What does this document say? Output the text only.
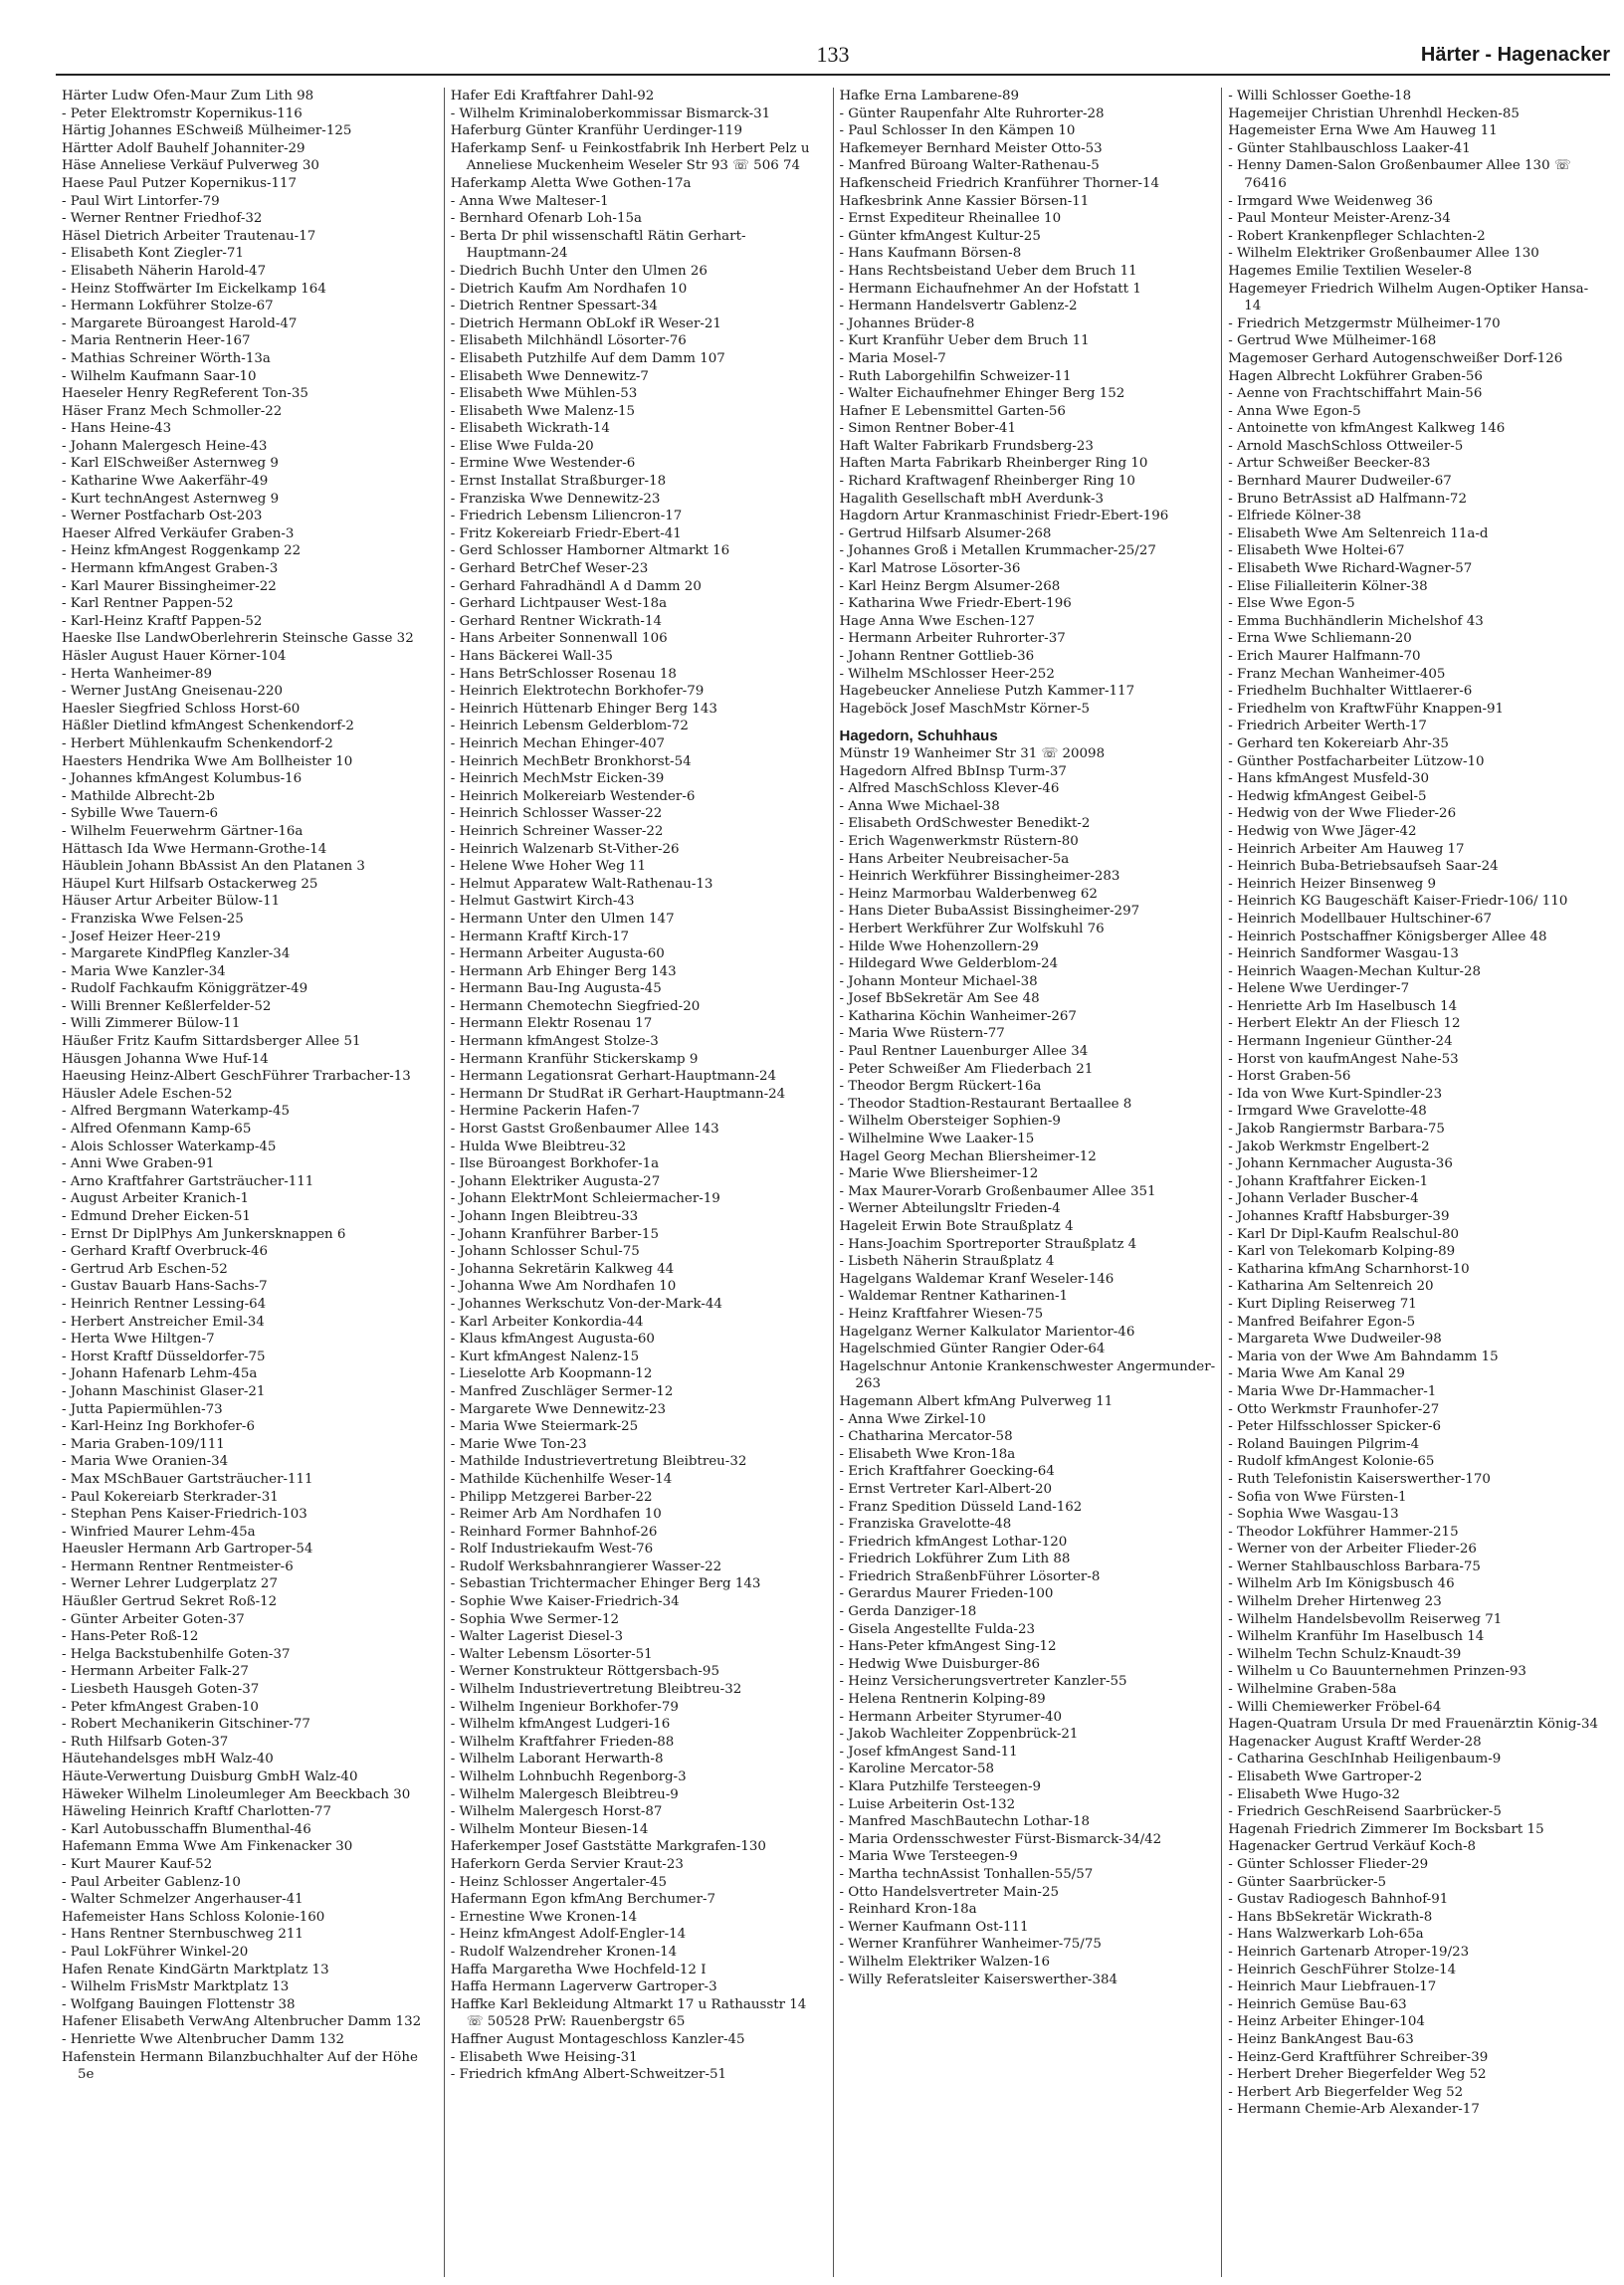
133	Härter - Hagenacker
Härter Ludw Ofen-Maur Zum Lith 98
- Peter Elektromstr Kopernikus-116
Härtig Johannes ESchweiß Mülheimer-125
Härtter Adolf Bauhelf Johanniter-29
Häse Anneliese Verkäuf Pulverweg 30
Haese Paul Putzer Kopernikus-117
- Paul Wirt Lintorfer-79
- Werner Rentner Friedhof-32
Häsel Dietrich Arbeiter Trautenau-17
- Elisabeth Kont Ziegler-71
- Elisabeth Näherin Harold-47
- Heinz Stoffwärter Im Eickelkamp 164
- Hermann Lokführer Stolze-67
- Margarete Büroangest Harold-47
- Maria Rentnerin Heer-167
- Mathias Schreiner Wörth-13a
- Wilhelm Kaufmann Saar-10
Haeseler Henry RegReferent Ton-35
Häser Franz Mech Schmoller-22
- Hans Heine-43
- Johann Malergesch Heine-43
- Karl ElSchweißer Asternweg 9
- Katharine Wwe Aakerfähr-49
- Kurt technAngest Asternweg 9
- Werner Postfacharb Ost-203
Haeser Alfred Verkäufer Graben-3
- Heinz kfmAngest Roggenkamp 22
- Hermann kfmAngest Graben-3
- Karl Maurer Bissingheimer-22
- Karl Rentner Pappen-52
- Karl-Heinz Kraftf Pappen-52
Haeske Ilse LandwOberlehrerin Steinsche Gasse 32
Häsler August Hauer Körner-104
- Herta Wanheimer-89
- Werner JustAng Gneisenau-220
Haesler Siegfried Schloss Horst-60
Häßler Dietlind kfmAngest Schenkendorf-2
- Herbert Mühlenkaufm Schenkendorf-2
Haesters Hendrika Wwe Am Bollheister 10
- Johannes kfmAngest Kolumbus-16
- Mathilde Albrecht-2b
- Sybille Wwe Tauern-6
- Wilhelm Feuerwehrm Gärtner-16a
Hättasch Ida Wwe Hermann-Grothe-14
Häublein Johann BbAssist An den Platanen 3
Häupel Kurt Hilfsarb Ostackerweg 25
Häuser Artur Arbeiter Bülow-11
- Franziska Wwe Felsen-25
- Josef Heizer Heer-219
- Margarete KindPfleg Kanzler-34
- Maria Wwe Kanzler-34
- Rudolf Fachkaufm Königgrätzer-49
- Willi Brenner Keßlerfelder-52
- Willi Zimmerer Bülow-11
Häußer Fritz Kaufm Sittardsberger Allee 51
Häusgen Johanna Wwe Huf-14
Haeusing Heinz-Albert GeschFührer Trarbacher-13
Häusler Adele Eschen-52
- Alfred Bergmann Waterkamp-45
- Alfred Ofenmann Kamp-65
- Alois Schlosser Waterkamp-45
- Anni Wwe Graben-91
- Arno Kraftfahrer Gartsträucher-111
- August Arbeiter Kranich-1
- Edmund Dreher Eicken-51
- Ernst Dr DiplPhys Am Junkersknappen 6
- Gerhard Kraftf Overbruck-46
- Gertrud Arb Eschen-52
- Gustav Bauarb Hans-Sachs-7
- Heinrich Rentner Lessing-64
- Herbert Anstreicher Emil-34
- Herta Wwe Hiltgen-7
- Horst Kraftf Düsseldorfer-75
- Johann Hafenarb Lehm-45a
- Johann Maschinist Glaser-21
- Jutta Papiermühlen-73
- Karl-Heinz Ing Borkhofer-6
- Maria Graben-109/111
- Maria Wwe Oranien-34
- Max MSchBauer Gartsträucher-111
- Paul Kokereiarb Sterkrader-31
- Stephan Pens Kaiser-Friedrich-103
- Winfried Maurer Lehm-45a
Haeusler Hermann Arb Gartroper-54
- Hermann Rentner Rentmeister-6
- Werner Lehrer Ludgerplatz 27
Häußler Gertrud Sekret Roß-12
- Günter Arbeiter Goten-37
- Hans-Peter Roß-12
- Helga Backstubenhilfe Goten-37
- Hermann Arbeiter Falk-27
- Liesbeth Hausgeh Goten-37
- Peter kfmAngest Graben-10
- Robert Mechanikerin Gitschiner-77
- Ruth Hilfsarb Goten-37
Häutehandelsges mbH Walz-40
Häute-Verwertung Duisburg GmbH Walz-40
Häweker Wilhelm Linoleumleger Am Beeckbach 30
Häweling Heinrich Kraftf Charlotten-77
- Karl Autobusschaffn Blumenthal-46
Hafemann Emma Wwe Am Finkenacker 30
- Kurt Maurer Kauf-52
- Paul Arbeiter Gablenz-10
- Walter Schmelzer Angerhauser-41
Hafemeister Hans Schloss Kolonie-160
- Hans Rentner Sternbuschweg 211
- Paul LokFührer Winkel-20
Hafen Renate KindGärtn Marktplatz 13
- Wilhelm FrisMstr Marktplatz 13
- Wolfgang Bauingen Flottenstr 38
Hafener Elisabeth VerwAng Altenbrucher Damm 132
- Henriette Wwe Altenbrucher Damm 132
Hafenstein Hermann Bilanzbuchhalter Auf der Höhe 5e
Hafer Edi Kraftfahrer Dahl-92
- Wilhelm Kriminaloberkommissar Bismarck-31
Haferburg Günter Kranführ Uerdinger-119
Haferkamp Senf- u Feinkostfabrik Inh Herbert Pelz u Anneliese Muckenheim Weseler Str 93 ☏ 506 74
Haferkamp Aletta Wwe Gothen-17a
- Anna Wwe Malteser-1
- Bernhard Ofenarb Loh-15a
- Berta Dr phil wissenschaftl Rätin Gerhart-Hauptmann-24
- Diedrich Buchh Unter den Ulmen 26
- Dietrich Kaufm Am Nordhafen 10
- Dietrich Rentner Spessart-34
- Dietrich Hermann ObLokf iR Weser-21
- Elisabeth Milchhändl Lösorter-76
- Elisabeth Putzhilfe Auf dem Damm 107
- Elisabeth Wwe Dennewitz-7
- Elisabeth Wwe Mühlen-53
- Elisabeth Wwe Malenz-15
- Elisabeth Wickrath-14
- Elise Wwe Fulda-20
- Ermine Wwe Westender-6
- Ernst Installat Straßburger-18
- Franziska Wwe Dennewitz-23
- Friedrich Lebensm Liliencron-17
- Fritz Kokereiarb Friedr-Ebert-41
- Gerd Schlosser Hamborner Altmarkt 16
- Gerhard BetrChef Weser-23
- Gerhard Fahradhändl A d Damm 20
- Gerhard Lichtpauser West-18a
- Gerhard Rentner Wickrath-14
- Hans Arbeiter Sonnenwall 106
- Hans Bäckerei Wall-35
- Hans BetrSchlosser Rosenau 18
- Heinrich Elektrotechn Borkhofer-79
- Heinrich Hüttenarb Ehinger Berg 143
- Heinrich Lebensm Gelderblom-72
- Heinrich Mechan Ehinger-407
- Heinrich MechBetr Bronkhorst-54
- Heinrich MechMstr Eicken-39
- Heinrich Molkereiarb Westender-6
- Heinrich Schlosser Wasser-22
- Heinrich Schreiner Wasser-22
- Heinrich Walzenarb St-Vither-26
- Helene Wwe Hoher Weg 11
- Helmut Apparatew Walt-Rathenau-13
- Helmut Gastwirt Kirch-43
- Hermann Unter den Ulmen 147
- Hermann Kraftf Kirch-17
- Hermann Arbeiter Augusta-60
- Hermann Arb Ehinger Berg 143
- Hermann Bau-Ing Augusta-45
- Hermann Chemotechn Siegfried-20
- Hermann Elektr Rosenau 17
- Hermann kfmAngest Stolze-3
- Hermann Kranführ Stickerskamp 9
- Hermann Legationsrat Gerhart-Hauptmann-24
- Hermann Dr StudRat iR Gerhart-Hauptmann-24
- Hermine Packerin Hafen-7
- Horst Gastst Großenbaumer Allee 143
- Hulda Wwe Bleibtreu-32
- Ilse Büroangest Borkhofer-1a
- Johann Elektriker Augusta-27
- Johann ElektrMont Schleiermacher-19
- Johann Ingen Bleibtreu-33
- Johann Kranführer Barber-15
- Johann Schlosser Schul-75
- Johanna Sekretärin Kalkweg 44
- Johanna Wwe Am Nordhafen 10
- Johannes Werkschutz Von-der-Mark-44
- Karl Arbeiter Konkordia-44
- Klaus kfmAngest Augusta-60
- Kurt kfmAngest Nalenz-15
- Lieselotte Arb Koopmann-12
- Manfred Zuschläger Sermer-12
- Margarete Wwe Dennewitz-23
- Maria Wwe Steiermark-25
- Marie Wwe Ton-23
- Mathilde Industrievertretung Bleibtreu-32
- Mathilde Küchenhilfe Weser-14
- Philipp Metzgerei Barber-22
- Reimer Arb Am Nordhafen 10
- Reinhard Former Bahnhof-26
- Rolf Industriekaufm West-76
- Rudolf Werksbahnrangierer Wasser-22
- Sebastian Trichtermacher Ehinger Berg 143
- Sophie Wwe Kaiser-Friedrich-34
- Sophia Wwe Sermer-12
- Walter Lagerist Diesel-3
- Walter Lebensm Lösorter-51
- Werner Konstrukteur Röttgersbach-95
- Wilhelm Industrievertretung Bleibtreu-32
- Wilhelm Ingenieur Borkhofer-79
- Wilhelm kfmAngest Ludgeri-16
- Wilhelm Kraftfahrer Frieden-88
- Wilhelm Laborant Herwarth-8
- Wilhelm Lohnbuchh Regenborg-3
- Wilhelm Malergesch Bleibtreu-9
- Wilhelm Malergesch Horst-87
- Wilhelm Monteur Biesen-14
Haferkemper Josef Gaststätte Markgrafen-130
Haferkorn Gerda Servier Kraut-23
- Heinz Schlosser Angertaler-45
Hafermann Egon kfmAng Berchumer-7
- Ernestine Wwe Kronen-14
- Heinz kfmAngest Adolf-Engler-14
- Rudolf Walzendreher Kronen-14
Haffa Margaretha Wwe Hochfeld-12 I
Haffa Hermann Lagerverw Gartroper-3
Haffke Karl Bekleidung Altmarkt 17 u Rathausstr 14 ☏ 50528 PrW: Rauenbergstr 65
Haffner August Montageschloss Kanzler-45
- Elisabeth Wwe Heising-31
- Friedrich kfmAng Albert-Schweitzer-51
Hafke Erna Lambarene-89
- Günter Raupenfahr Alte Ruhrorter-28
- Paul Schlosser In den Kämpen 10
Hafkemeyer Bernhard Meister Otto-53
- Manfred Büroang Walter-Rathenau-5
Hafkenscheid Friedrich Kranführer Thorner-14
Hafkesbrink Anne Kassier Börsen-11
- Ernst Expediteur Rheinallee 10
- Günter kfmAngest Kultur-25
- Hans Kaufmann Börsen-8
- Hans Rechtsbeistand Ueber dem Bruch 11
- Hermann Eichaufnehmer An der Hofstatt 1
- Hermann Handelsvertr Gablenz-2
- Johannes Brüder-8
- Kurt Kranführ Ueber dem Bruch 11
- Maria Mosel-7
- Ruth Laborgehilfin Schweizer-11
- Walter Eichaufnehmer Ehinger Berg 152
Hafner E Lebensmittel Garten-56
- Simon Rentner Bober-41
Haft Walter Fabrikarb Frundsberg-23
Haften Marta Fabrikarb Rheinberger Ring 10
- Richard Kraftwagenf Rheinberger Ring 10
Hagalith Gesellschaft mbH Averdunk-3
Hagdorn Artur Kranmaschinist Friedr-Ebert-196
- Gertrud Hilfsarb Alsumer-268
- Johannes Groß i Metallen Krummacher-25/27
- Karl Matrose Lösorter-36
- Karl Heinz Bergm Alsumer-268
- Katharina Wwe Friedr-Ebert-196
Hage Anna Wwe Eschen-127
- Hermann Arbeiter Ruhrorter-37
- Johann Rentner Gottlieb-36
- Wilhelm MSchlosser Heer-252
Hagebeucker Anneliese Putzh Kammer-117
Hageböck Josef MaschMstr Körner-5
Hagedorn, Schuhhaus
Münstr 19 Wanheimer Str 31 ☏ 20098
Hagedorn Alfred BbInsp Turm-37
- Alfred MaschSchloss Klever-46
- Anna Wwe Michael-38
- Elisabeth OrdSchwester Benedikt-2
- Erich Wagenwerkmstr Rüstern-80
- Hans Arbeiter Neubreisacher-5a
- Heinrich Werkführer Bissingheimer-283
- Heinz Marmorbau Walderbenweg 62
- Hans Dieter BubaAssist Bissingheimer-297
- Herbert Werkführer Zur Wolfskuhl 76
- Hilde Wwe Hohenzollern-29
- Hildegard Wwe Gelderblom-24
- Johann Monteur Michael-38
- Josef BbSekretär Am See 48
- Katharina Köchin Wanheimer-267
- Maria Wwe Rüstern-77
- Paul Rentner Lauenburger Allee 34
- Peter Schweißer Am Fliederbach 21
- Theodor Bergm Rückert-16a
- Theodor Stadtion-Restaurant Bertaallee 8
- Wilhelm Obersteiger Sophien-9
- Wilhelmine Wwe Laaker-15
Hagel Georg Mechan Bliersheimer-12
- Marie Wwe Bliersheimer-12
- Max Maurer-Vorarb Großenbaumer Allee 351
- Werner Abteilungsltr Frieden-4
Hageleit Erwin Bote Straußplatz 4
- Hans-Joachim Sportreporter Straußplatz 4
- Lisbeth Näherin Straußplatz 4
Hagelgans Waldemar Kranf Weseler-146
- Waldemar Rentner Katharinen-1
- Heinz Kraftfahrer Wiesen-75
Hagelganz Werner Kalkulator Marientor-46
Hagelschmied Günter Rangier Oder-64
Hagelschnur Antonie Krankenschwester Angermunder-263
Hagemann Albert kfmAng Pulverweg 11
- Anna Wwe Zirkel-10
- Chatharina Mercator-58
- Elisabeth Wwe Kron-18a
- Erich Kraftfahrer Goecking-64
- Ernst Vertreter Karl-Albert-20
- Franz Spedition Düsseld Land-162
- Franziska Gravelotte-48
- Friedrich kfmAngest Lothar-120
- Friedrich Lokführer Zum Lith 88
- Friedrich StraßenbFührer Lösorter-8
- Gerardus Maurer Frieden-100
- Gerda Danziger-18
- Gisela Angestellte Fulda-23
- Hans-Peter kfmAngest Sing-12
- Hedwig Wwe Duisburger-86
- Heinz Versicherungsvertreter Kanzler-55
- Helena Rentnerin Kolping-89
- Hermann Arbeiter Styrumer-40
- Jakob Wachleiter Zoppenbrück-21
- Josef kfmAngest Sand-11
- Karoline Mercator-58
- Klara Putzhilfe Tersteegen-9
- Luise Arbeiterin Ost-132
- Manfred MaschBautechn Lothar-18
- Maria Ordensschwester Fürst-Bismarck-34/42
- Maria Wwe Tersteegen-9
- Martha technAssist Tonhallen-55/57
- Otto Handelsvertreter Main-25
- Reinhard Kron-18a
- Werner Kaufmann Ost-111
- Werner Kranführer Wanheimer-75/75
- Wilhelm Elektriker Walzen-16
- Willy Referatsleiter Kaiserswerther-384
- Willi Schlosser Goethe-18
Hagemeijer Christian Uhrenhdl Hecken-85
Hagemeister Erna Wwe Am Hauweg 11
- Günter Stahlbauschloss Laaker-41
- Henny Damen-Salon Großenbaumer Allee 130 ☏ 76416
- Irmgard Wwe Weidenweg 36
- Paul Monteur Meister-Arenz-34
- Robert Krankenpfleger Schlachten-2
- Wilhelm Elektriker Großenbaumer Allee 130
Hagemes Emilie Textilien Weseler-8
Hagemeyer Friedrich Wilhelm Augen-Optiker Hansa-14
- Friedrich Metzgermstr Mülheimer-170
- Gertrud Wwe Mülheimer-168
Magemoser Gerhard Autogenschweißer Dorf-126
Hagen Albrecht Lokführer Graben-56
- Aenne von Frachtschiffahrt Main-56
- Anna Wwe Egon-5
- Antoinette von kfmAngest Kalkweg 146
- Arnold MaschSchloss Ottweiler-5
- Artur Schweißer Beecker-83
- Bernhard Maurer Dudweiler-67
- Bruno BetrAssist aD Halfmann-72
- Elfriede Kölner-38
- Elisabeth Wwe Am Seltenreich 11a-d
- Elisabeth Wwe Holtei-67
- Elisabeth Wwe Richard-Wagner-57
- Elise Filialleiterin Kölner-38
- Else Wwe Egon-5
- Emma Buchhändlerin Michelshof 43
- Erna Wwe Schliemann-20
- Erich Maurer Halfmann-70
- Franz Mechan Wanheimer-405
- Friedhelm Buchhalter Wittlaerer-6
- Friedhelm von KraftwFühr Knappen-91
- Friedrich Arbeiter Werth-17
- Gerhard ten Kokereiarb Ahr-35
- Günther Postfacharbeiter Lützow-10
- Hans kfmAngest Musfeld-30
- Hedwig kfmAngest Geibel-5
- Hedwig von der Wwe Flieder-26
- Hedwig von Wwe Jäger-42
- Heinrich Arbeiter Am Hauweg 17
- Heinrich Buba-Betriebsaufseh Saar-24
- Heinrich Heizer Binsenweg 9
- Heinrich KG Baugeschäft Kaiser-Friedr-106/ 110
- Heinrich Modellbauer Hultschiner-67
- Heinrich Postschaffner Königsberger Allee 48
- Heinrich Sandformer Wasgau-13
- Heinrich Waagen-Mechan Kultur-28
- Helene Wwe Uerdinger-7
- Henriette Arb Im Haselbusch 14
- Herbert Elektr An der Fliesch 12
- Hermann Ingenieur Günther-24
- Horst von kaufmAngest Nahe-53
- Horst Graben-56
- Ida von Wwe Kurt-Spindler-23
- Irmgard Wwe Gravelotte-48
- Jakob Rangiermstr Barbara-75
- Jakob Werkmstr Engelbert-2
- Johann Kernmacher Augusta-36
- Johann Kraftfahrer Eicken-1
- Johann Verlader Buscher-4
- Johannes Kraftf Habsburger-39
- Karl Dr Dipl-Kaufm Realschul-80
- Karl von Telekomarb Kolping-89
- Katharina kfmAng Scharnhorst-10
- Katharina Am Seltenreich 20
- Kurt Dipling Reiserweg 71
- Manfred Beifahrer Egon-5
- Margareta Wwe Dudweiler-98
- Maria von der Wwe Am Bahndamm 15
- Maria Wwe Am Kanal 29
- Maria Wwe Dr-Hammacher-1
- Otto Werkmstr Fraunhofer-27
- Peter Hilfsschlosser Spicker-6
- Roland Bauingen Pilgrim-4
- Rudolf kfmAngest Kolonie-65
- Ruth Telefonistin Kaiserswerther-170
- Sofia von Wwe Fürsten-1
- Sophia Wwe Wasgau-13
- Theodor Lokführer Hammer-215
- Werner von der Arbeiter Flieder-26
- Werner Stahlbauschloss Barbara-75
- Wilhelm Arb Im Königsbusch 46
- Wilhelm Dreher Hirtenweg 23
- Wilhelm Handelsbevollm Reiserweg 71
- Wilhelm Kranführ Im Haselbusch 14
- Wilhelm Techn Schulz-Knaudt-39
- Wilhelm u Co Bauunternehmen Prinzen-93
- Wilhelmine Graben-58a
- Willi Chemiewerker Fröbel-64
Hagen-Quatram Ursula Dr med Frauenärztin König-34
Hagenacker August Kraftf Werder-28
- Catharina GeschInhab Heiligenbaum-9
- Elisabeth Wwe Gartroper-2
- Elisabeth Wwe Hugo-32
- Friedrich GeschReisend Saarbrücker-5
Hagenah Friedrich Zimmerer Im Bocksbart 15
Hagenacker Gertrud Verkäuf Koch-8
- Günter Schlosser Flieder-29
- Günter Saarbrücker-5
- Gustav Radiogesch Bahnhof-91
- Hans BbSekretär Wickrath-8
- Hans Walzwerkarb Loh-65a
- Heinrich Gartenarb Atroper-19/23
- Heinrich GeschFührer Stolze-14
- Heinrich Maur Liebfrauen-17
- Heinrich Gemüse Bau-63
- Heinz Arbeiter Ehinger-104
- Heinz BankAngest Bau-63
- Heinz-Gerd Kraftführer Schreiber-39
- Herbert Dreher Biegerfelder Weg 52
- Herbert Arb Biegerfelder Weg 52
- Hermann Chemie-Arb Alexander-17
